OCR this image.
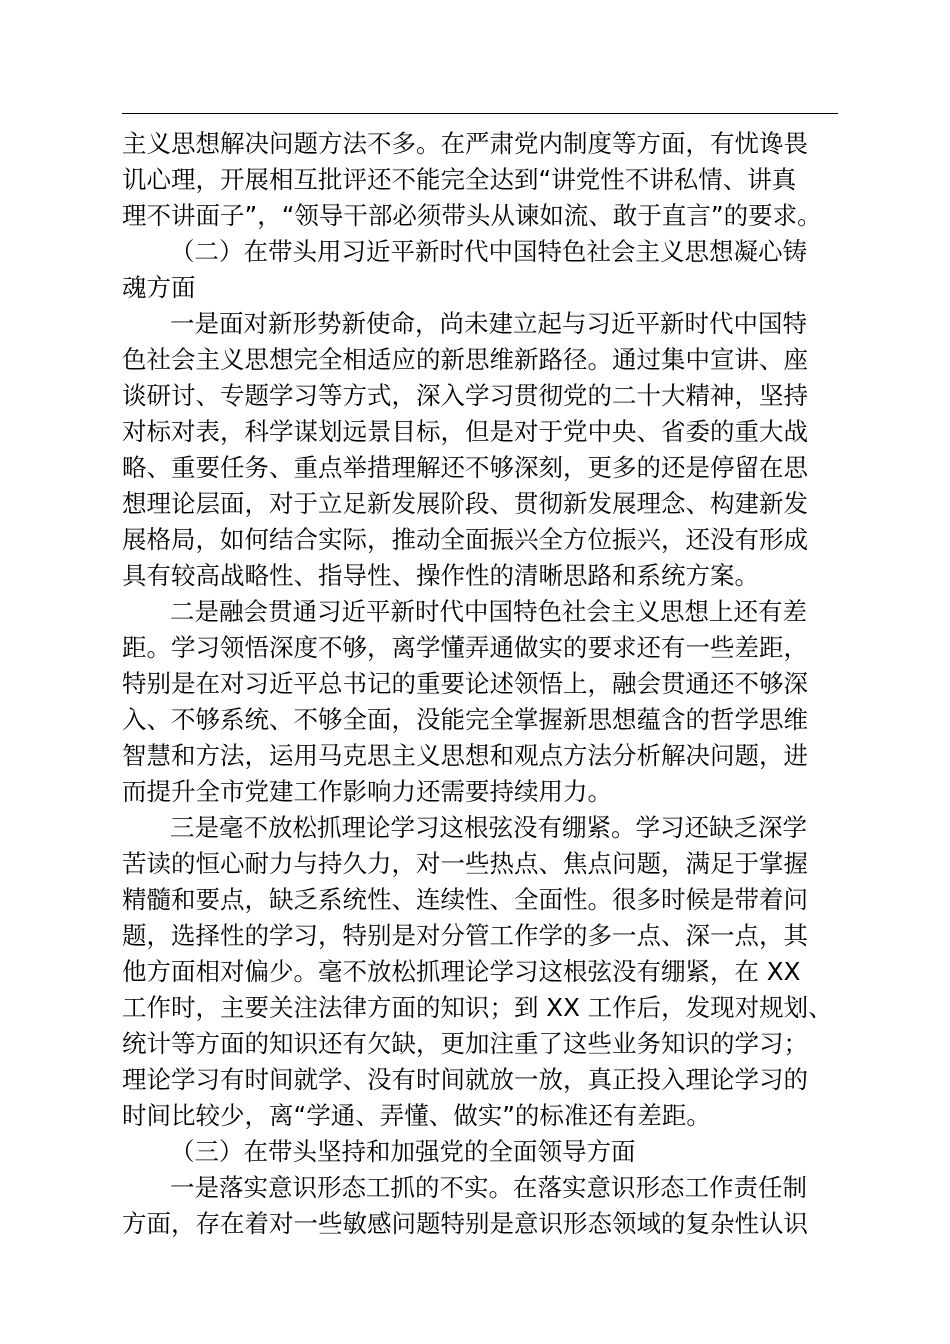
主义思想解决问题方法不多。在严肃党内制度等方面，有忧谗畏
讥心理，开展相互批评还不能完全达到“讲党性不讲私情、讲真
理不讲面子”，“领导干部必须带头从谏如流、敢于直言”的要求。
（二）在带头用习近平新时代中国特色社会主义思想凝心铸
魂方面
一是面对新形势新使命，尚未建立起与习近平新时代中国特
色社会主义思想完全相适应的新思维新路径。通过集中宣讲、座
谈研讨、专题学习等方式，深入学习贯彻党的二十大精神，坚持
对标对表，科学谋划远景目标，但是对于党中央、省委的重大战
略、重要任务、重点举措理解还不够深刻，更多的还是停留在思
想理论层面，对于立足新发展阶段、贯彻新发展理念、构建新发
展格局，如何结合实际，推动全面振兴全方位振兴，还没有形成
具有较高战略性、指导性、操作性的清晰思路和系统方案。
二是融会贯通习近平新时代中国特色社会主义思想上还有差
距。学习领悟深度不够，离学懂弄通做实的要求还有一些差距，
特别是在对习近平总书记的重要论述领悟上，融会贯通还不够深
入、不够系统、不够全面，没能完全掌握新思想蕴含的哲学思维
智慧和方法，运用马克思主义思想和观点方法分析解决问题，进
而提升全市党建工作影响力还需要持续用力。
三是毫不放松抓理论学习这根弦没有绷紧。学习还缺乏深学
苦读的恒心耐力与持久力，对一些热点、焦点问题，满足于掌握
精髓和要点，缺乏系统性、连续性、全面性。很多时候是带着问
题，选择性的学习，特别是对分管工作学的多一点、深一点，其
他方面相对偏少。毫不放松抓理论学习这根弦没有绷紧，在 XX
工作时，主要关注法律方面的知识；到 XX 工作后，发现对规划、
统计等方面的知识还有欠缺，更加注重了这些业务知识的学习；
理论学习有时间就学、没有时间就放一放，真正投入理论学习的
时间比较少，离“学通、弄懂、做实”的标准还有差距。
（三）在带头坚持和加强党的全面领导方面
一是落实意识形态工抓的不实。在落实意识形态工作责任制
方面，存在着对一些敏感问题特别是意识形态领域的复杂性认识
